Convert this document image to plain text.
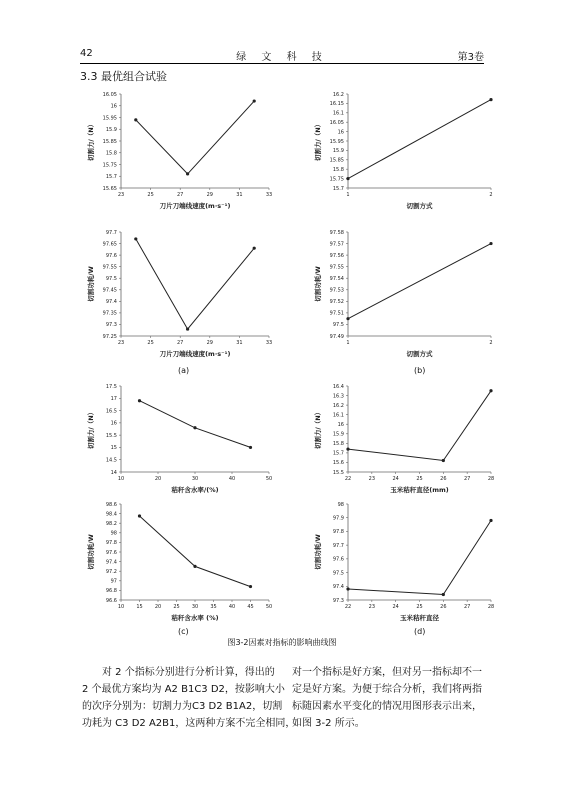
42	绿 文 科 技	第3卷
3.3 最优组合试验
15.65
15.7
15.75
15.8
15.85
15.9
15.95
16
16.05
23	25	27	29	31	33
刀片刀端线速度(m·s⁻¹)
切割力/（N）
15.7
15.75
15.8
15.85
15.9
15.95
16
16.05
16.1
16.15
16.2
1	2
切割方式
切割力/（N）
97.25
97.3
97.35
97.4
97.45
97.5
97.55
97.6
97.65
97.7
23	25	27	29	31	33
刀片刀端线速度(m·s⁻¹)
切割功耗/W
97.49
97.5
97.51
97.52
97.53
97.54
97.55
97.56
97.57
97.58
1	2
切割方式
切割功耗/W
(a)	(b)
14
14.5
15
15.5
16
16.5
17
17.5
10	20	30	40	50
秸秆含水率/(%)
切割力/（N）
15.5
15.6
15.7
15.8
15.9
16
16.1
16.2
16.3
16.4
22	23	24	25	26	27	28
玉米秸秆直径(mm)
切割力/（N）
96.6
96.8
97
97.2
97.4
97.6
97.8
98
98.2
98.4
98.6
10 15 20 25 30 35 40 45 50
秸秆含水率 (%)
切割功耗/W
97.3
97.4
97.5
97.6
97.7
97.8
97.9
98
22	23	24	25	26	27	28
玉米秸秆直径
切割功耗/W
(c)	(d)
图3-2因素对指标的影响曲线图
对 2 个指标分别进行分析计算，得出的
2 个最优方案均为 A2 B1C3 D2，按影响大小
的次序分别为：切割力为C3 D2 B1A2，切割
功耗为 C3 D2 A2B1，这两种方案不完全相同，
对一个指标是好方案，但对另一指标却不一
定是好方案。为便于综合分析，我们将两指
标随因素水平变化的情况用图形表示出来，
如图 3-2 所示。
